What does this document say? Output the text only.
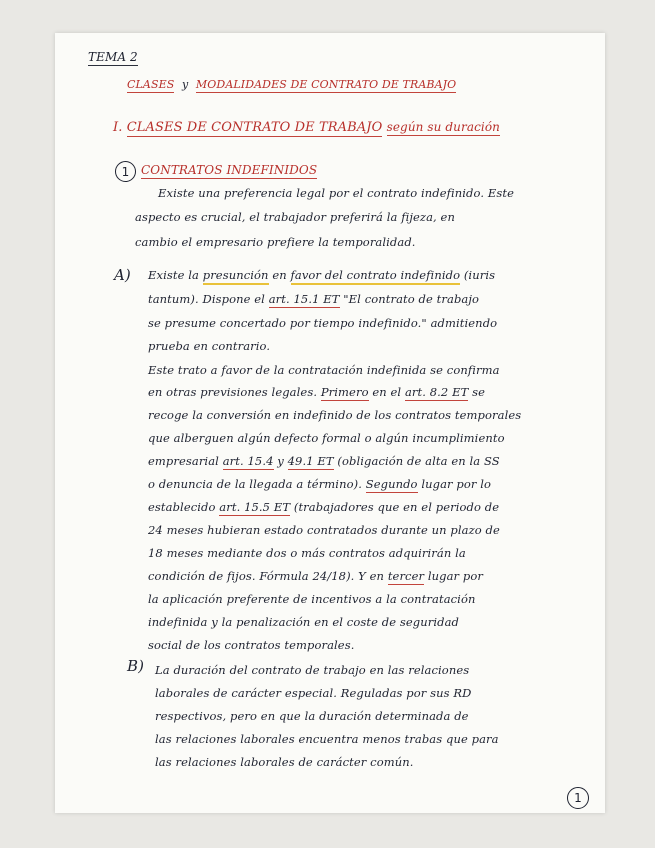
TEMA 2
CLASES y MODALIDADES DE CONTRATO DE TRABAJO
I. CLASES DE CONTRATO DE TRABAJO según su duración
1 CONTRATOS INDEFINIDOS
Existe una preferencia legal por el contrato indefinido. Este
aspecto es crucial, el trabajador preferirá la fijeza, en
cambio el empresario prefiere la temporalidad.
A) Existe la presunción en favor del contrato indefinido (iuris
tantum). Dispone el art. 15.1 ET "El contrato de trabajo
se presume concertado por tiempo indefinido." admitiendo
prueba en contrario.
Este trato a favor de la contratación indefinida se confirma
en otras previsiones legales. Primero en el art. 8.2 ET se
recoge la conversión en indefinido de los contratos temporales
que alberguen algún defecto formal o algún incumplimiento
empresarial art. 15.4 y 49.1 ET (obligación de alta en la SS
o denuncia de la llegada a término). Segundo lugar por lo
establecido art. 15.5 ET (trabajadores que en el periodo de
24 meses hubieran estado contratados durante un plazo de
18 meses mediante dos o más contratos adquirirán la
condición de fijos. Fórmula 24/18). Y en tercer lugar por
la aplicación preferente de incentivos a la contratación
indefinida y la penalización en el coste de seguridad
social de los contratos temporales.
B) La duración del contrato de trabajo en las relaciones
laborales de carácter especial. Reguladas por sus RD
respectivos, pero en que la duración determinada de
las relaciones laborales encuentra menos trabas que para
las relaciones laborales de carácter común.
1
